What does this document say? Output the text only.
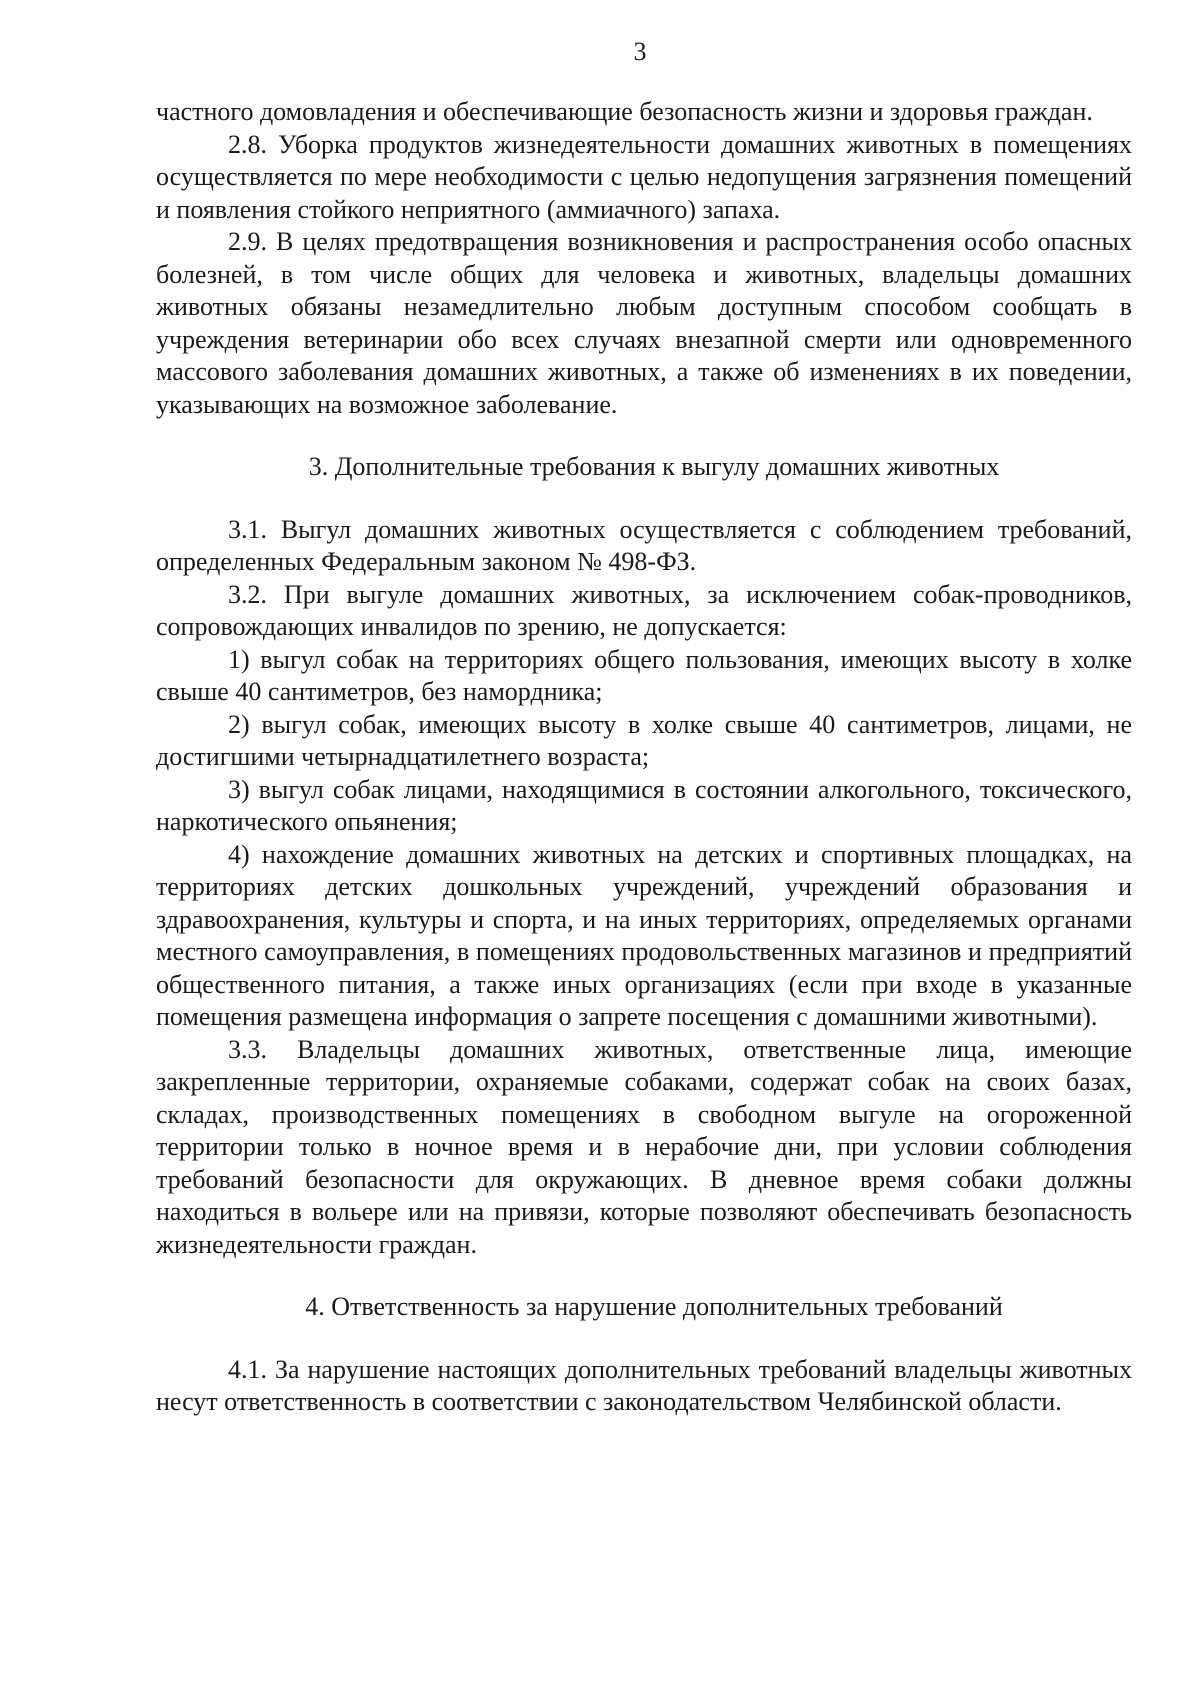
3

частного домовладения и обеспечивающие безопасность жизни и здоровья граждан.

2.8. Уборка продуктов жизнедеятельности домашних животных в помещениях осуществляется по мере необходимости с целью недопущения загрязнения помещений и появления стойкого неприятного (аммиачного) запаха.

2.9. В целях предотвращения возникновения и распространения особо опасных болезней, в том числе общих для человека и животных, владельцы домашних животных обязаны незамедлительно любым доступным способом сообщать в учреждения ветеринарии обо всех случаях внезапной смерти или одновременного массового заболевания домашних животных, а также об изменениях в их поведении, указывающих на возможное заболевание.

3. Дополнительные требования к выгулу домашних животных

3.1. Выгул домашних животных осуществляется с соблюдением требований, определенных Федеральным законом № 498-ФЗ.

3.2. При выгуле домашних животных, за исключением собак-проводников, сопровождающих инвалидов по зрению, не допускается:

1) выгул собак на территориях общего пользования, имеющих высоту в холке свыше 40 сантиметров, без намордника;

2) выгул собак, имеющих высоту в холке свыше 40 сантиметров, лицами, не достигшими четырнадцатилетнего возраста;

3) выгул собак лицами, находящимися в состоянии алкогольного, токсического, наркотического опьянения;

4) нахождение домашних животных на детских и спортивных площадках, на территориях детских дошкольных учреждений, учреждений образования и здравоохранения, культуры и спорта, и на иных территориях, определяемых органами местного самоуправления, в помещениях продовольственных магазинов и предприятий общественного питания, а также иных организациях (если при входе в указанные помещения размещена информация о запрете посещения с домашними животными).

3.3. Владельцы домашних животных, ответственные лица, имеющие закрепленные территории, охраняемые собаками, содержат собак на своих базах, складах, производственных помещениях в свободном выгуле на огороженной территории только в ночное время и в нерабочие дни, при условии соблюдения требований безопасности для окружающих. В дневное время собаки должны находиться в вольере или на привязи, которые позволяют обеспечивать безопасность жизнедеятельности граждан.

4. Ответственность за нарушение дополнительных требований

4.1. За нарушение настоящих дополнительных требований владельцы животных несут ответственность в соответствии с законодательством Челябинской области.
